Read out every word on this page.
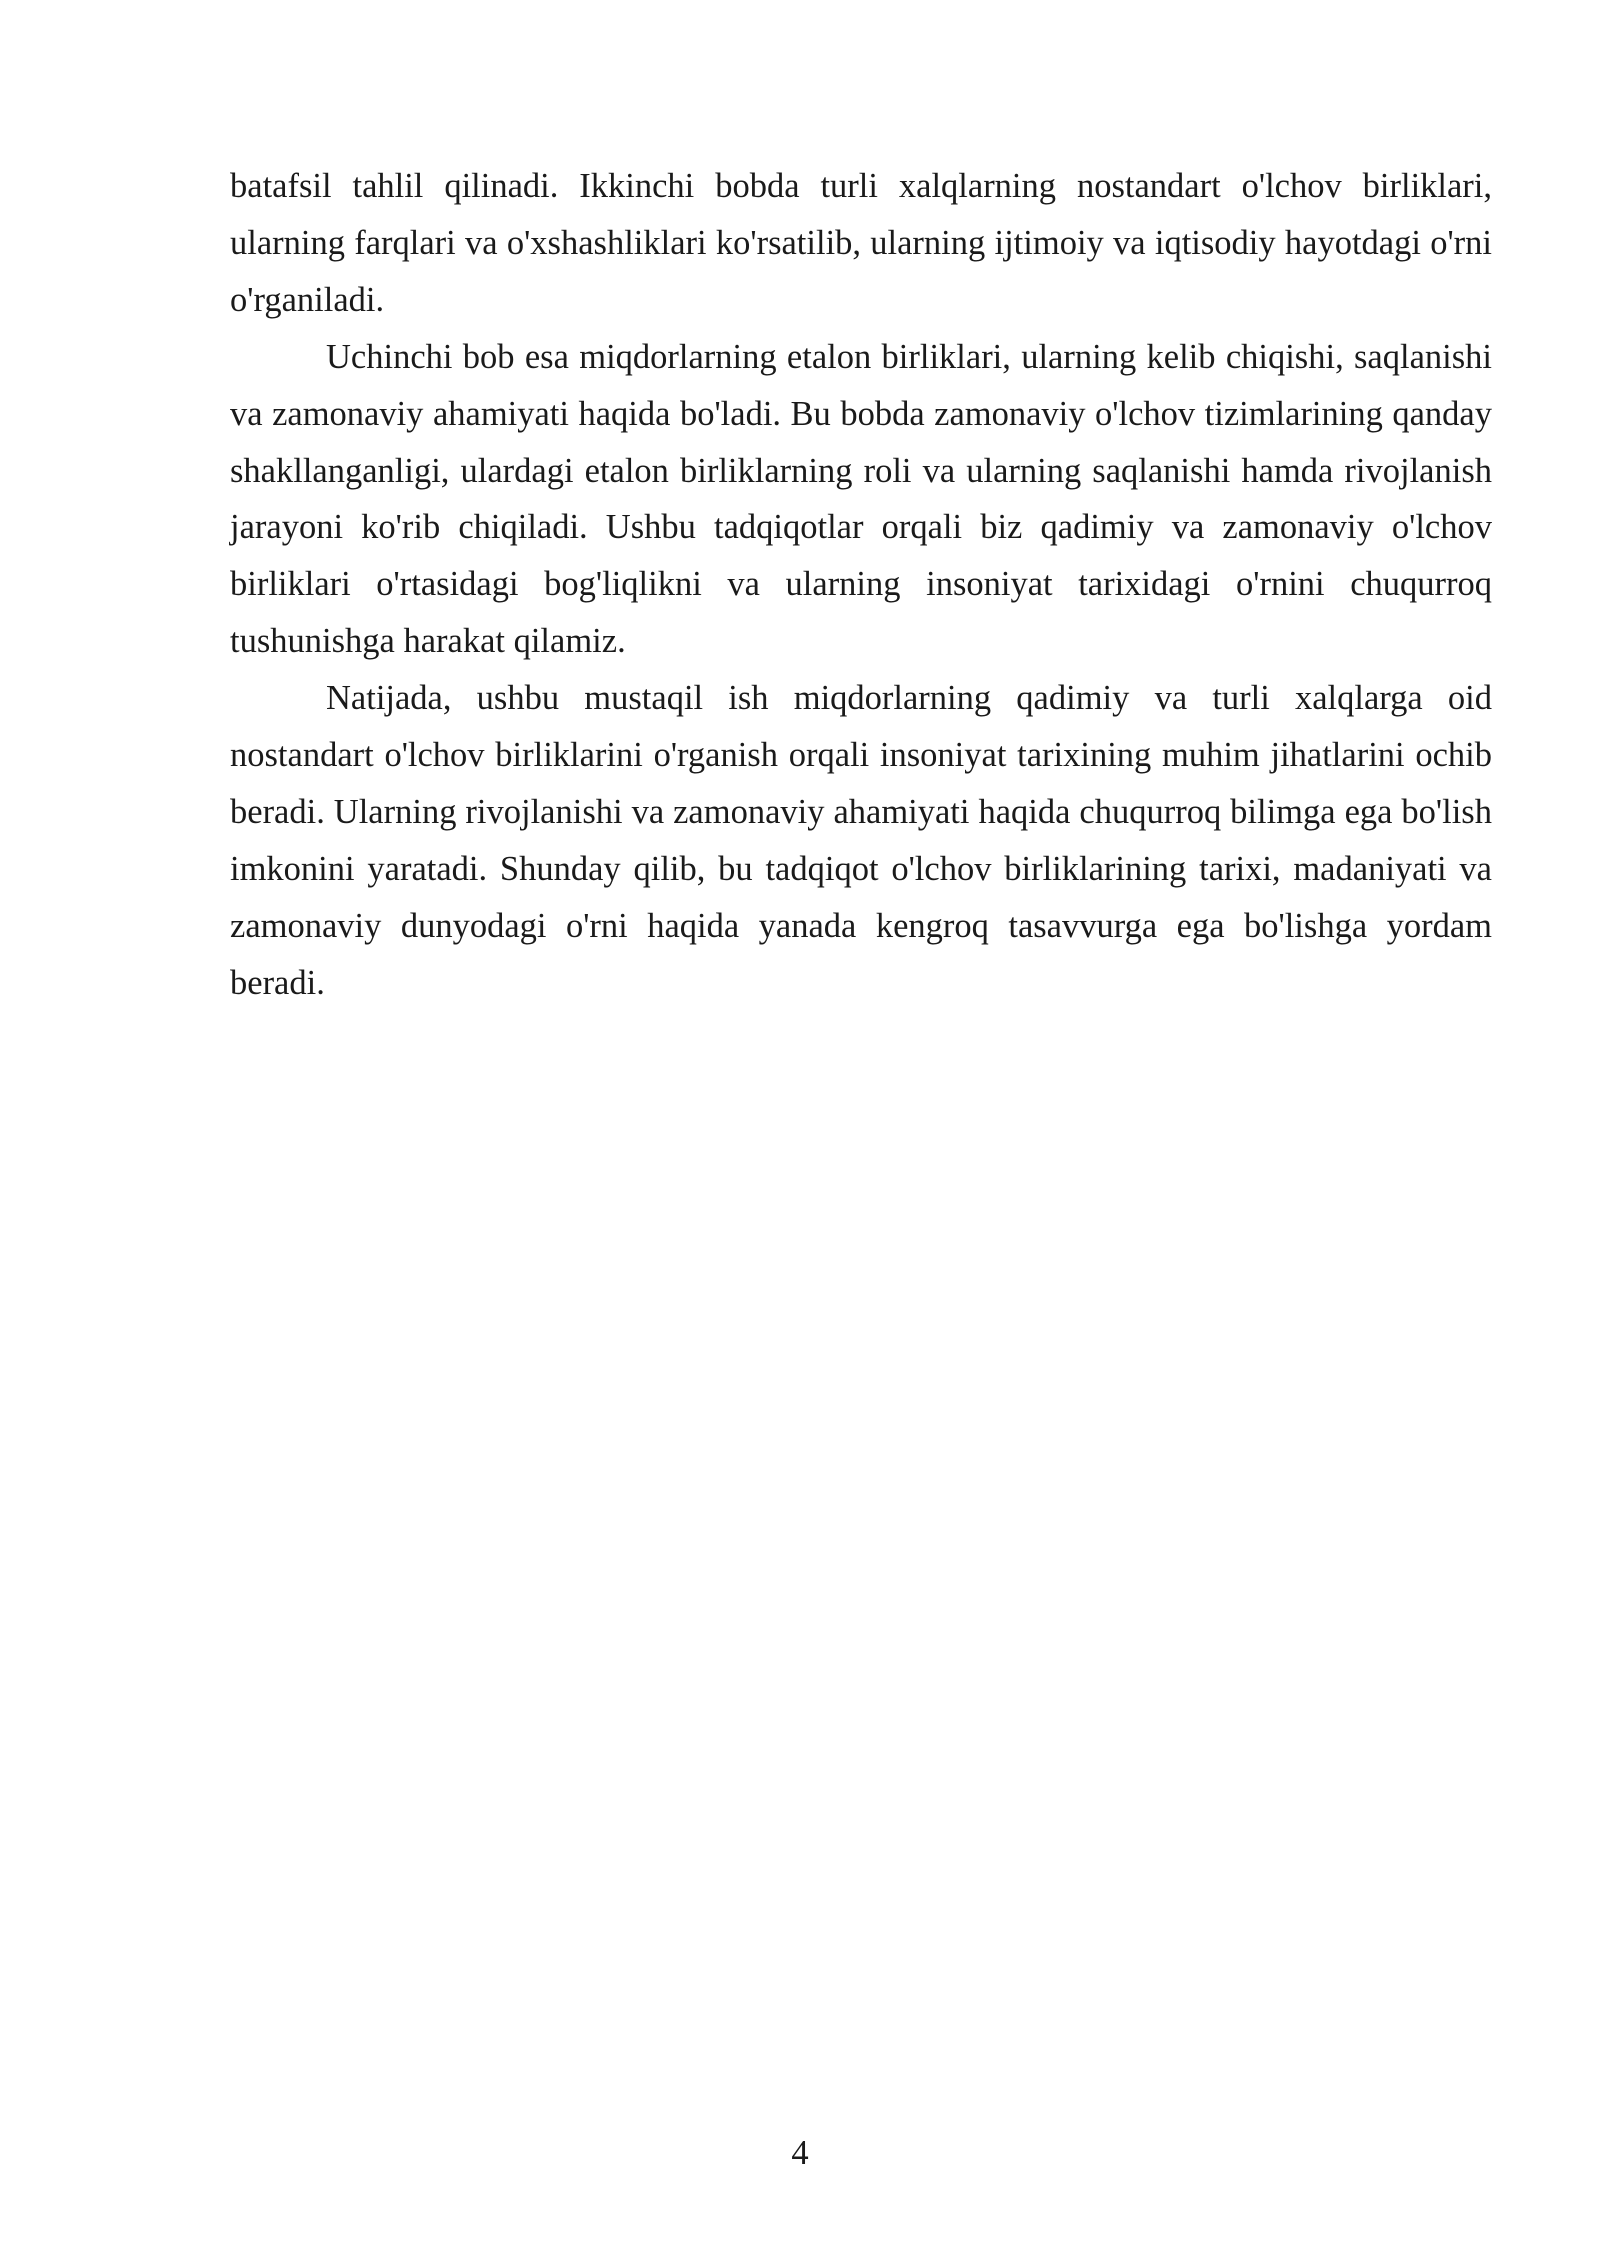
batafsil tahlil qilinadi. Ikkinchi bobda turli xalqlarning nostandart o'lchov birliklari, ularning farqlari va o'xshashliklari ko'rsatilib, ularning ijtimoiy va iqtisodiy hayotdagi o'rni o'rganiladi.

Uchinchi bob esa miqdorlarning etalon birliklari, ularning kelib chiqishi, saqlanishi va zamonaviy ahamiyati haqida bo'ladi. Bu bobda zamonaviy o'lchov tizimlarining qanday shakllanganligi, ulardagi etalon birliklarning roli va ularning saqlanishi hamda rivojlanish jarayoni ko'rib chiqiladi. Ushbu tadqiqotlar orqali biz qadimiy va zamonaviy o'lchov birliklari o'rtasidagi bog'liqlikni va ularning insoniyat tarixidagi o'rnini chuqurroq tushunishga harakat qilamiz.

Natijada, ushbu mustaqil ish miqdorlarning qadimiy va turli xalqlarga oid nostandart o'lchov birliklarini o'rganish orqali insoniyat tarixining muhim jihatlarini ochib beradi. Ularning rivojlanishi va zamonaviy ahamiyati haqida chuqurroq bilimga ega bo'lish imkonini yaratadi. Shunday qilib, bu tadqiqot o'lchov birliklarining tarixi, madaniyati va zamonaviy dunyodagi o'rni haqida yanada kengroq tasavvurga ega bo'lishga yordam beradi.

4
